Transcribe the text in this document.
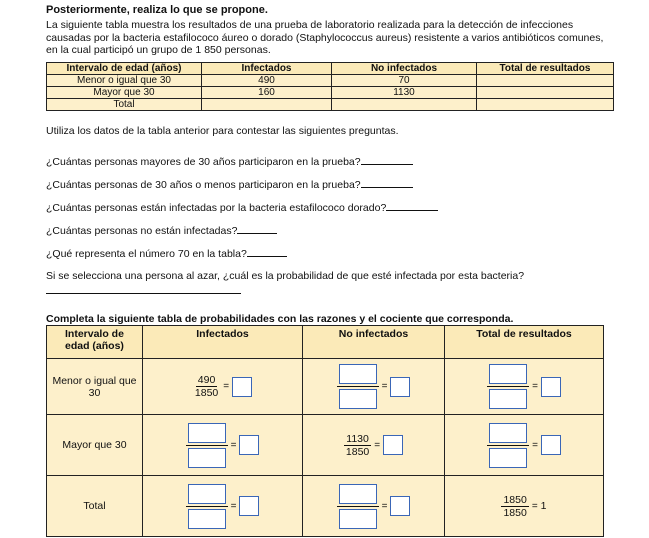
Posteriormente, realiza lo que se propone.
La siguiente tabla muestra los resultados de una prueba de laboratorio realizada para la detección de infecciones causadas por la bacteria estafilococo áureo o dorado (Staphylococcus aureus) resistente a varios antibióticos comunes, en la cual participó un grupo de 1 850 personas.
Intervalo de edad (años)	Infectados	No infectados	Total de resultados
Menor o igual que 30	490	70	
Mayor que 30	160	1130	
Total			
Utiliza los datos de la tabla anterior para contestar las siguientes preguntas.
¿Cuántas personas mayores de 30 años participaron en la prueba?
¿Cuántas personas de 30 años o menos participaron en la prueba?
¿Cuántas personas están infectadas por la bacteria estafilococo dorado?
¿Cuántas personas no están infectadas?
¿Qué representa el número 70 en la tabla?
Si se selecciona una persona al azar, ¿cuál es la probabilidad de que esté infectada por esta bacteria?
Completa la siguiente tabla de probabilidades con las razones y el cociente que corresponda.
Intervalo de edad (años)	Infectados	No infectados	Total de resultados
Menor o igual que 30	$\frac{490}{1850}$ =	=	=

Mayor que 30	=	$\frac{1130}{1850}$ =	=

Total	=	=	$\frac{1850}{1850} = 1$
